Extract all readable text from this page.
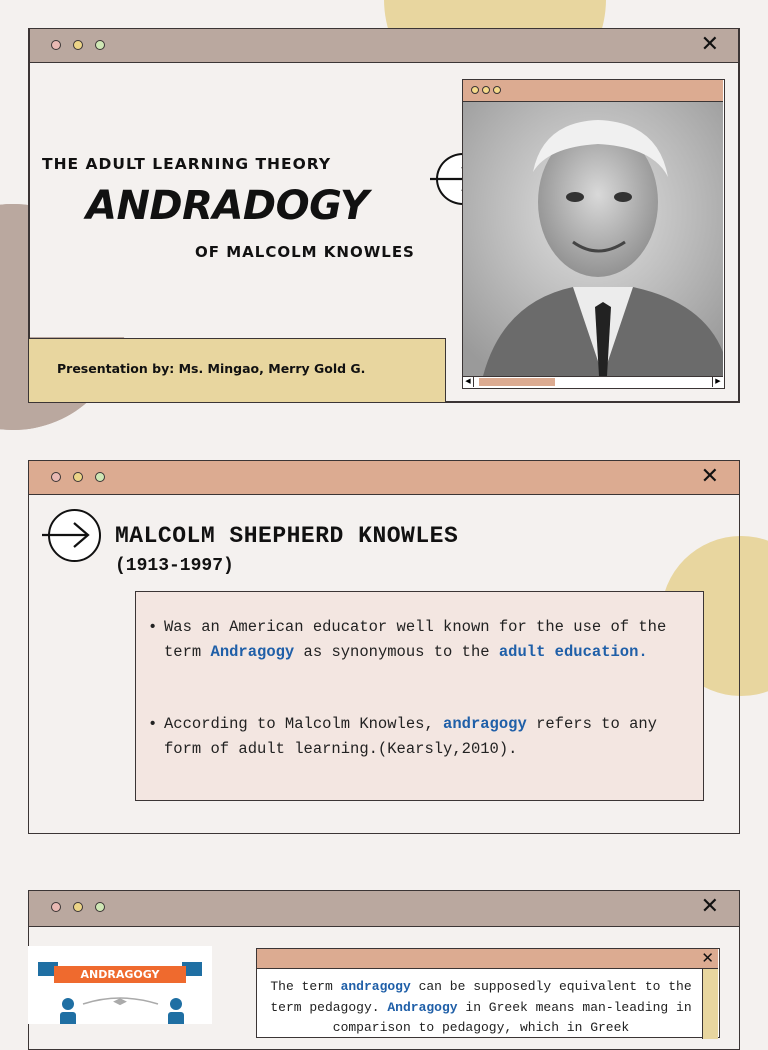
✕
THE ADULT LEARNING THEORY
ANDRADOGY
OF MALCOLM KNOWLES
Presentation by: Ms. Mingao, Merry Gold G.
◀	▶
✕
MALCOLM SHEPHERD KNOWLES
(1913-1997)
• Was an American educator well known for the use of the term Andragogy as synonymous to the adult education.
• According to Malcolm Knowles, andragogy refers to any form of adult learning.(Kearsly,2010).
✕
ANDRAGOGY
◀▶
✕
The term andragogy can be supposedly equivalent to the term pedagogy. Andragogy in Greek means man-leading in comparison to pedagogy, which in Greek
